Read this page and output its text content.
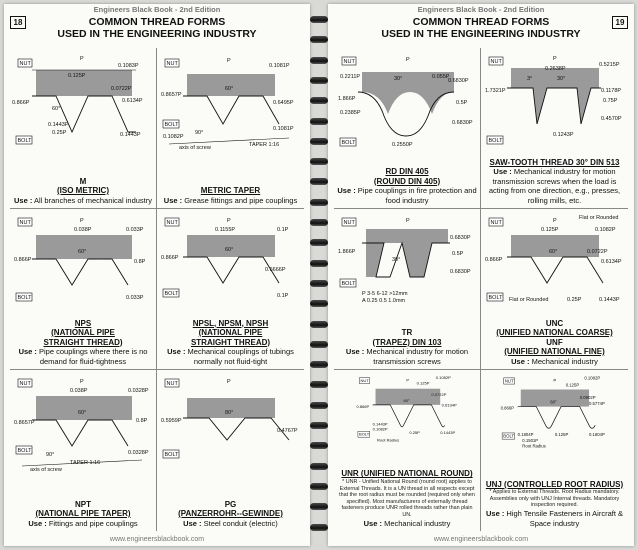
Engineers Black Book - 2nd Edition
18	COMMON THREAD FORMS
USED IN THE ENGINEERING INDUSTRY
NUT
BOLT
P
0.125P
0.1083P
0.0722P
0.6134P
0.866P
60°
0.1443P
0.25P	0.1443P
M
(ISO METRIC)
Use : All branches of mechanical industry
NUT
BOLT
P
0.1081P
0.8657P
60°
0.6495P
0.1082P
90°
0.1081P
TAPER 1:16
axis of screw
METRIC TAPER
Use : Grease fittings and pipe couplings
NUT
BOLT
P
0.038P	0.033P
0.866P
60°
0.8P
0.033P
NPS
(NATIONAL PIPE
STRAIGHT THREAD)
Use : Pipe couplings where there is no demand for fluid-tightness
NUT
BOLT
P
0.1155P	0.1P
0.866P
60°
0.6666P
0.1P
NPSL, NPSM, NPSH
(NATIONAL PIPE
STRAIGHT THREAD)
Use : Mechanical couplings of tubings normally not fluid-tight
NUT
BOLT
P
0.038P	0.0328P
0.8657P
60°
0.8P
0.0328P
90°
TAPER 1:16
axis of screw
NPT
(NATIONAL PIPE TAPER)
Use : Fittings and pipe couplings
NUT
BOLT
P
0.5959P
80°
0.4767P
PG
(PANZERROHR--GEWINDE)
Use : Steel conduit (electric)
www.engineersblackbook.com
Engineers Black Book - 2nd Edition
19
COMMON THREAD FORMS
USED IN THE ENGINEERING INDUSTRY
NUT
BOLT
P
0.2211P	30°	0.055P
0.6830P
1.866P
0.5P
0.2385P
0.6830P
0.2550P
RD DIN 405
(ROUND DIN 405)
Use : Pipe couplings in fire protection and food industry
NUT
BOLT
P
0.2638P
0.5215P
3°	30°
1.7321P	0.1178P
0.75P
0.4570P
0.1243P
SAW-TOOTH THREAD 30° DIN 513
Use : Mechanical industry for motion transmission screws when the load is acting from one direction, e.g., presses, rolling mills, etc.
NUT
BOLT
P
0.6830P
1.866P	0.5P
30°
0.6830P
P 3-5 6-12 >12mm
A 0.25 0.5 1.0mm
TR
(TRAPEZ) DIN 103
Use : Mechanical industry for motion transmission screws
NUT
BOLT
P	Flat or Rounded
0.125P	0.1082P
0.0722P
0.6134P
0.866P
60°
Flat or Rounded	0.25P	0.1443P
UNC
(UNIFIED NATIONAL COARSE)
UNF
(UNIFIED NATIONAL FINE)
Use : Mechanical industry
NUT
BOLT
P
0.125P
0.1082P
0.866P
60°
0.0722P
0.6134P
0.1443P
0.1082P
0.25P	0.1443P
Root Radius
UNR (UNIFIED NATIONAL ROUND)
* UNR - Unified National Round (round root) applies to External Threads. It is a UN thread in all respects except that the root radius must be rounded (required only when specified). Most manufacturers of externally thread fasteners produce UNR rolled threads rather than plain UN.
Use : Mechanical industry
NUT
BOLT
P	0.1082P
0.125P
0.0902P
0.5774P
0.866P
60°
0.1804P	0.125P	0.1804P
0.1501P
Root Radius
UNJ (CONTROLLED ROOT RADIUS)
* Applies to External Threads. Root Radius mandatory. Assemblies only with UNJ Internal threads. Mandatory inspection required.
Use : High Tensile Fasteners in Aircraft & Space industry
www.engineersblackbook.com
